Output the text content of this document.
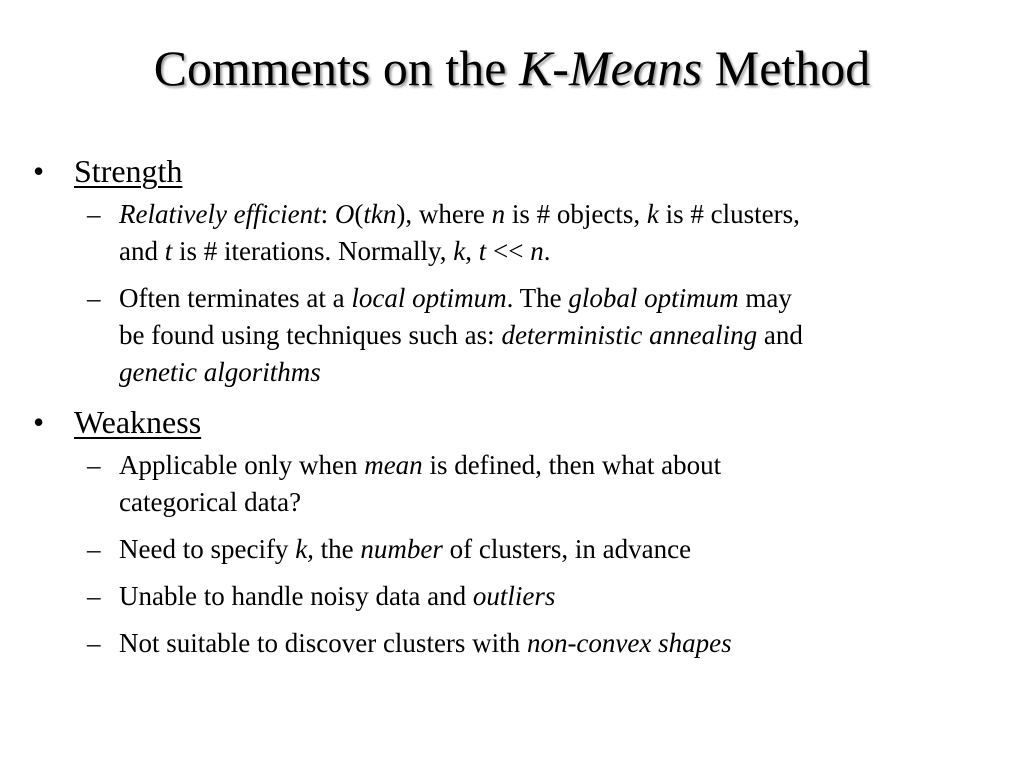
Comments on the K-Means Method
• Strength
– Relatively efficient: O(tkn), where n is # objects, k is # clusters,
and t is # iterations. Normally, k, t << n.
– Often terminates at a local optimum. The global optimum may
be found using techniques such as: deterministic annealing and
genetic algorithms
• Weakness
– Applicable only when mean is defined, then what about
categorical data?
– Need to specify k, the number of clusters, in advance
– Unable to handle noisy data and outliers
– Not suitable to discover clusters with non-convex shapes
